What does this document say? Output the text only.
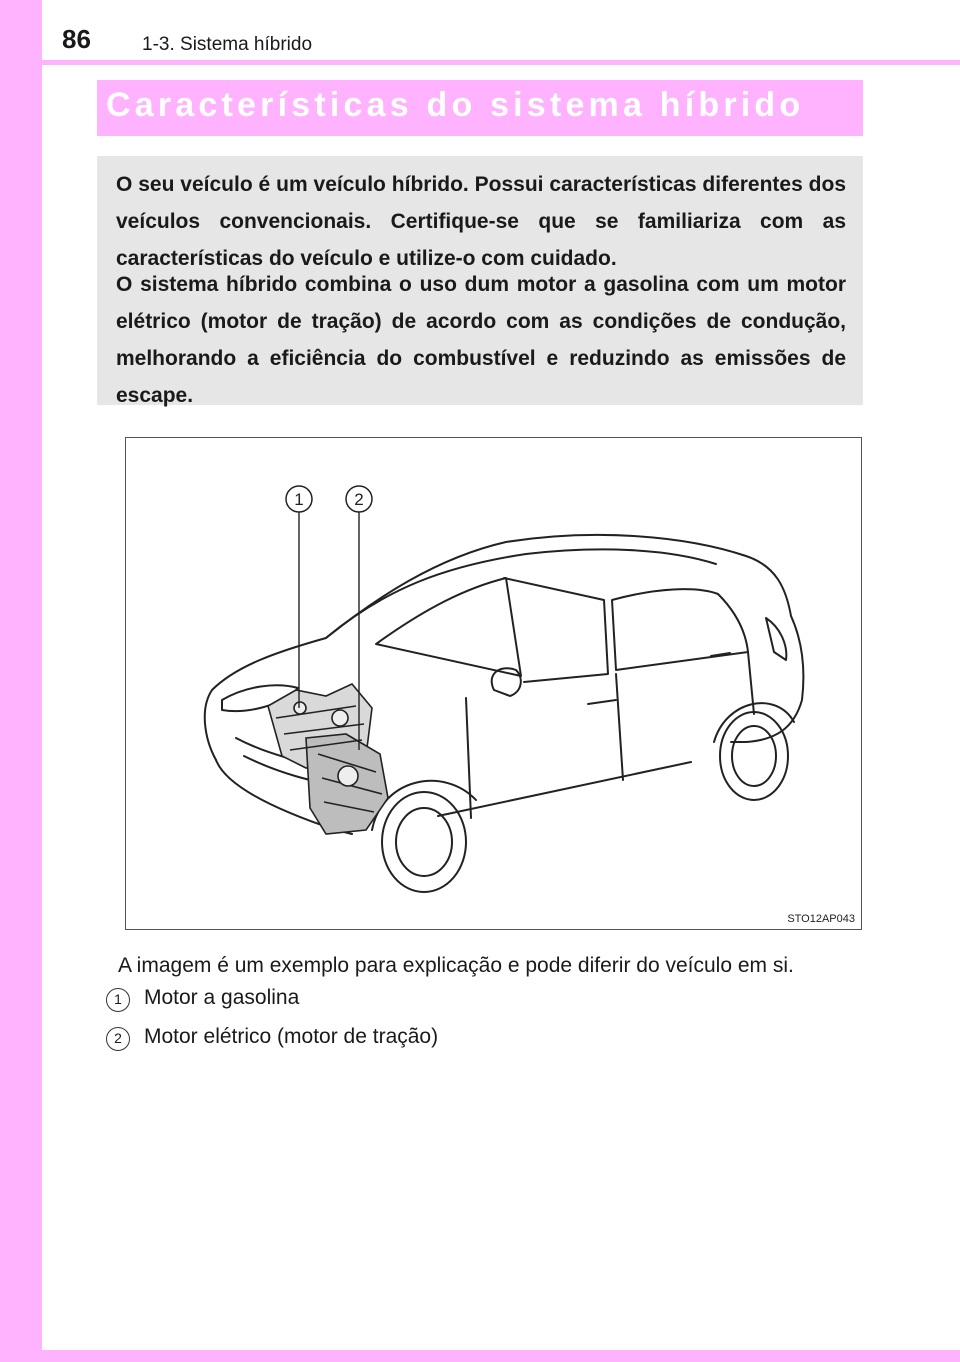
86	1-3. Sistema híbrido
Características do sistema híbrido

O seu veículo é um veículo híbrido. Possui características diferentes dos veículos convencionais. Certifique-se que se familiariza com as características do veículo e utilize-o com cuidado.

O sistema híbrido combina o uso dum motor a gasolina com um motor elétrico (motor de tração) de acordo com as condições de condução, melhorando a eficiência do combustível e reduzindo as emissões de escape.

1	2
STO12AP043
A imagem é um exemplo para explicação e pode diferir do veículo em si.
1	Motor a gasolina
2	Motor elétrico (motor de tração)
